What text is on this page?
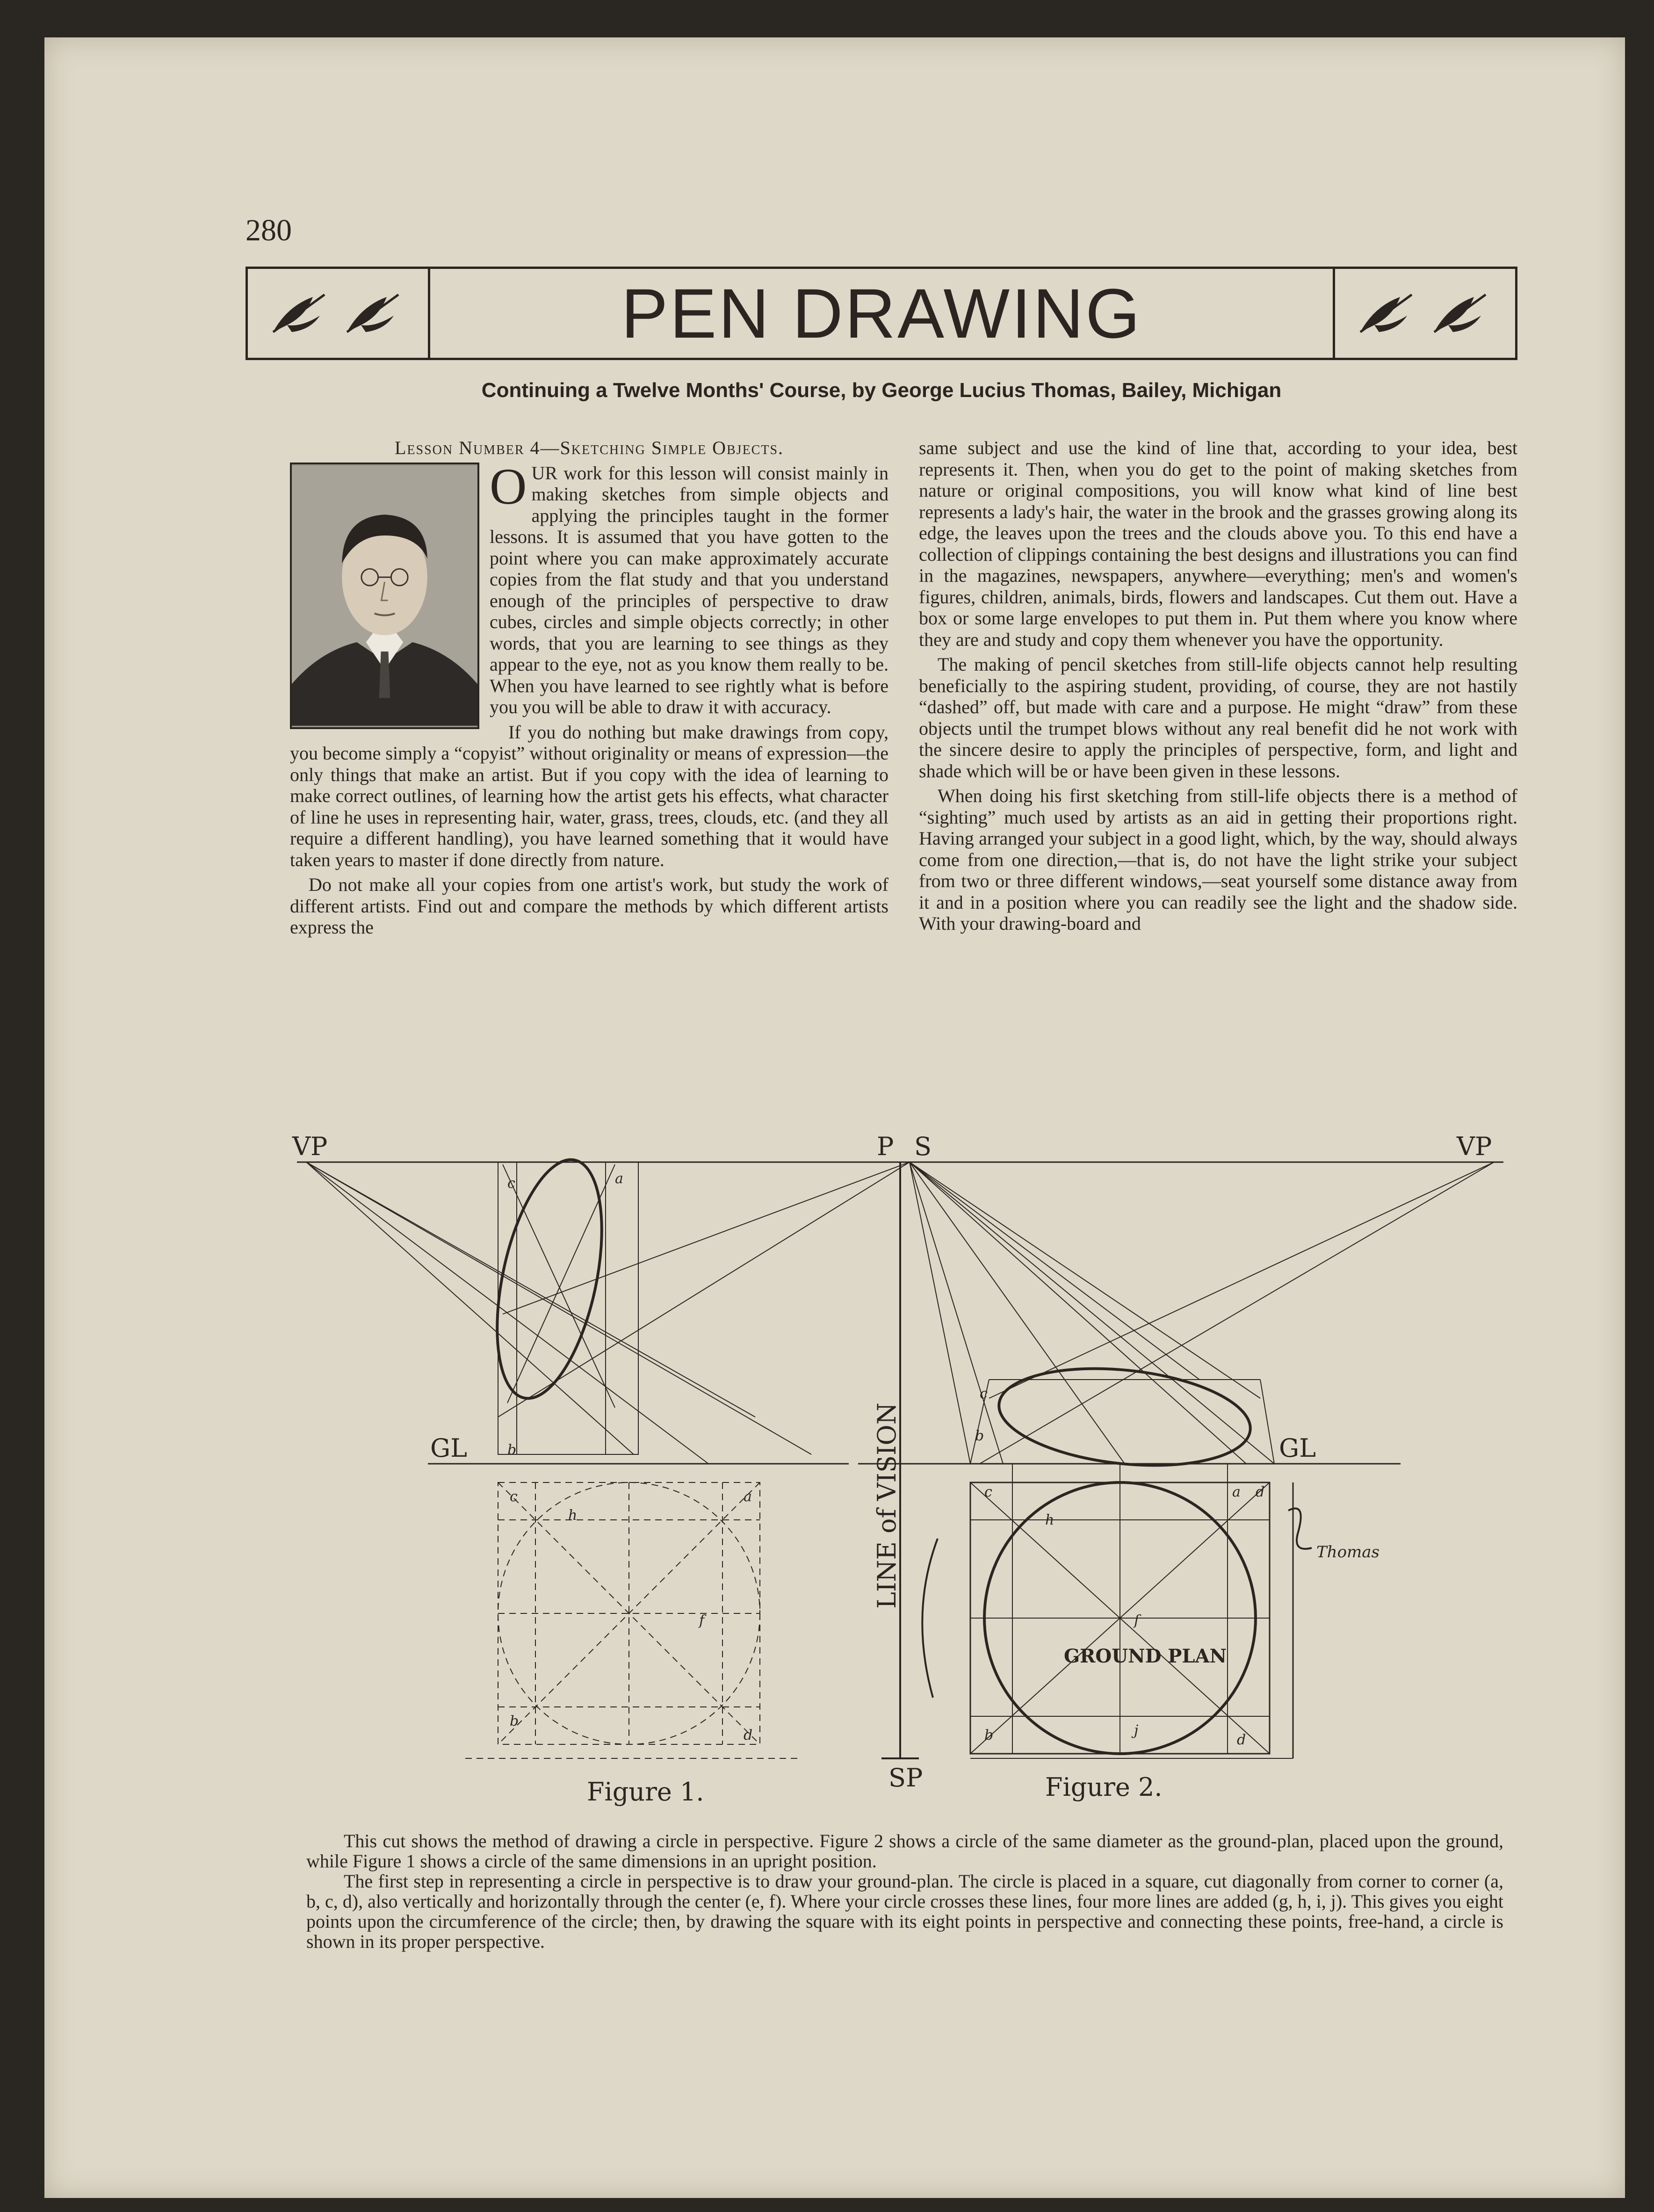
280
PEN DRAWING

Continuing a Twelve Months' Course, by George Lucius Thomas, Bailey, Michigan

Lesson Number 4—Sketching Simple Objects.

OUR work for this lesson will consist mainly in making sketches from simple objects and applying the principles taught in the former lessons. It is assumed that you have gotten to the point where you can make approximately accurate copies from the flat study and that you understand enough of the principles of perspective to draw cubes, circles and simple objects correctly; in other words, that you are learning to see things as they appear to the eye, not as you know them really to be. When you have learned to see rightly what is before you you will be able to draw it with accuracy.

If you do nothing but make drawings from copy, you become simply a “copyist” without originality or means of expression—the only things that make an artist. But if you copy with the idea of learning to make correct outlines, of learning how the artist gets his effects, what character of line he uses in representing hair, water, grass, trees, clouds, etc. (and they all require a different handling), you have learned something that it would have taken years to master if done directly from nature.

Do not make all your copies from one artist's work, but study the work of different artists. Find out and compare the methods by which different artists express the

same subject and use the kind of line that, according to your idea, best represents it. Then, when you do get to the point of making sketches from nature or original compositions, you will know what kind of line best represents a lady's hair, the water in the brook and the grasses growing along its edge, the leaves upon the trees and the clouds above you. To this end have a collection of clippings containing the best designs and illustrations you can find in the magazines, newspapers, anywhere—everything; men's and women's figures, children, animals, birds, flowers and landscapes. Cut them out. Have a box or some large envelopes to put them in. Put them where you know where they are and study and copy them whenever you have the opportunity.

The making of pencil sketches from still-life objects cannot help resulting beneficially to the aspiring student, providing, of course, they are not hastily “dashed” off, but made with care and a purpose. He might “draw” from these objects until the trumpet blows without any real benefit did he not work with the sincere desire to apply the principles of perspective, form, and light and shade which will be or have been given in these lessons.

When doing his first sketching from still-life objects there is a method of “sighting” much used by artists as an aid in getting their proportions right. Having arranged your subject in a good light, which, by the way, should always come from one direction,—that is, do not have the light strike your subject from two or three different windows,—seat yourself some distance away from it and in a position where you can readily see the light and the shadow side. With your drawing-board and

VP	VP
P S
GL	GL
SP
LINE of VISION
GROUND PLAN
Figure 1.	Figure 2.
Thomas
c	a
b
c	a
b
d
h
f
c
b
c	a d
h
f
b	j
d

This cut shows the method of drawing a circle in perspective. Figure 2 shows a circle of the same diameter as the ground-plan, placed upon the ground, while Figure 1 shows a circle of the same dimensions in an upright position.

The first step in representing a circle in perspective is to draw your ground-plan. The circle is placed in a square, cut diagonally from corner to corner (a, b, c, d), also vertically and horizontally through the center (e, f). Where your circle crosses these lines, four more lines are added (g, h, i, j). This gives you eight points upon the circumference of the circle; then, by drawing the square with its eight points in perspective and connecting these points, free-hand, a circle is shown in its proper perspective.
